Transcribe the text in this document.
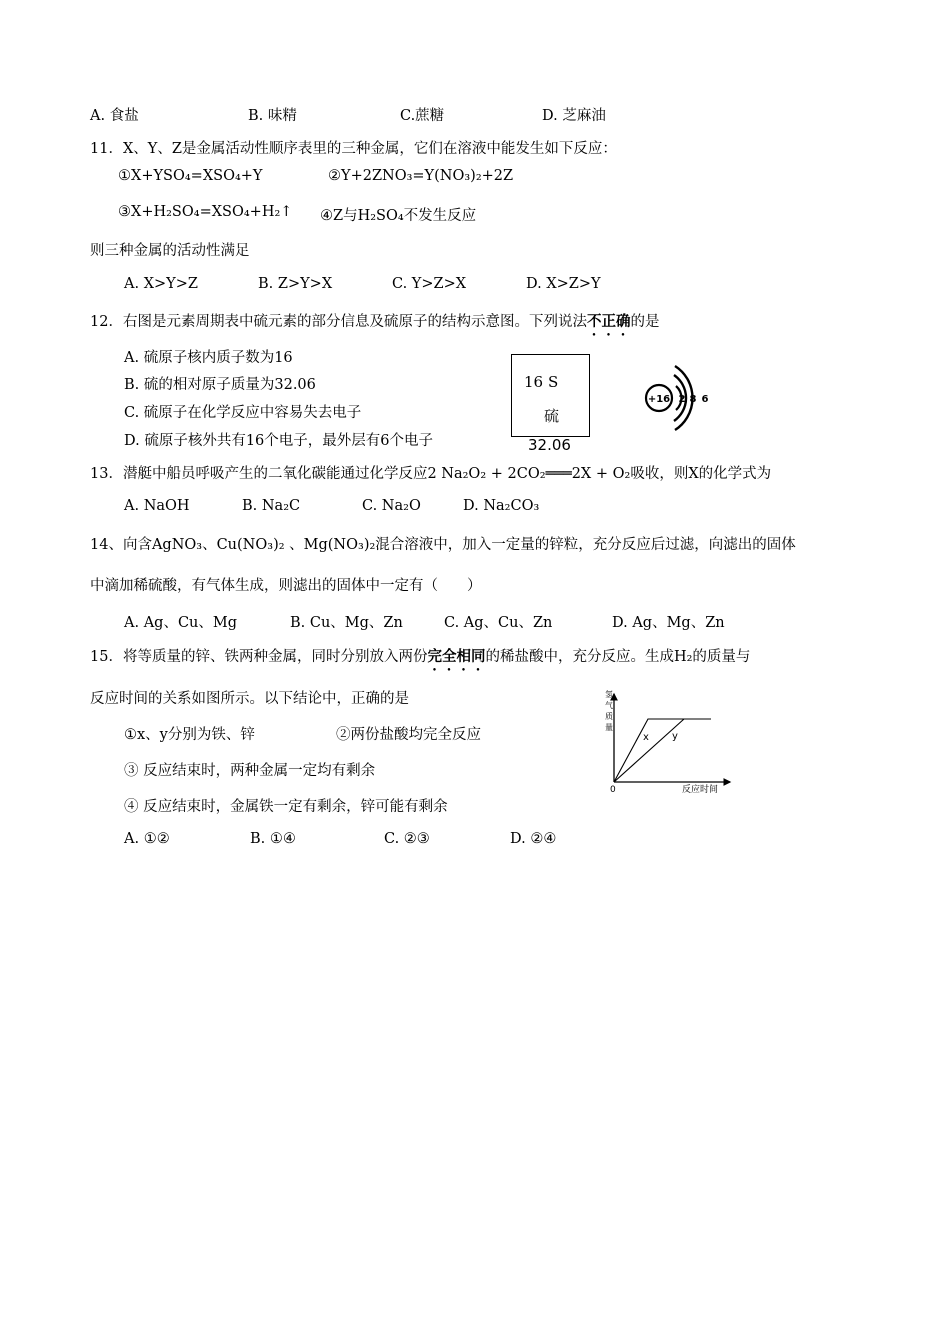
A. 食盐	B. 味精	C.蔗糖	D. 芝麻油
11．X、Y、Z是金属活动性顺序表里的三种金属，它们在溶液中能发生如下反应：
①X+YSO₄=XSO₄+Y	②Y+2ZNO₃=Y(NO₃)₂+2Z
③X+H₂SO₄=XSO₄+H₂↑ ④Z与H₂SO₄不发生反应
则三种金属的活动性满足
A. X>Y>Z	B. Z>Y>X	C. Y>Z>X	D. X>Z>Y
12．右图是元素周期表中硫元素的部分信息及硫原子的结构示意图。下列说法不正确的是
A. 硫原子核内质子数为16
B. 硫的相对原子质量为32.06
C. 硫原子在化学反应中容易失去电子
D. 硫原子核外共有16个电子，最外层有6个电子
16 S
硫
32.06
+16 2 8 6
13．潜艇中船员呼吸产生的二氧化碳能通过化学反应2 Na₂O₂ + 2CO₂═══2X + O₂吸收，则X的化学式为
A. NaOH	B. Na₂C	C. Na₂O	D. Na₂CO₃
14、向含AgNO₃、Cu(NO₃)₂ 、Mg(NO₃)₂混合溶液中，加入一定量的锌粒，充分反应后过滤，向滤出的固体
中滴加稀硫酸，有气体生成，则滤出的固体中一定有（　　）
A. Ag、Cu、Mg	B. Cu、Mg、Zn	C. Ag、Cu、Zn	D. Ag、Mg、Zn
15．将等质量的锌、铁两种金属，同时分别放入两份完全相同的稀盐酸中，充分反应。生成H₂的质量与
反应时间的关系如图所示。以下结论中，正确的是
①x、y分别为铁、锌	②两份盐酸均完全反应
③ 反应结束时，两种金属一定均有剩余
④ 反应结束时，金属铁一定有剩余，锌可能有剩余
A. ①②	B. ①④	C. ②③	D. ②④
x y
0	反应时间
氢
气
质
量
